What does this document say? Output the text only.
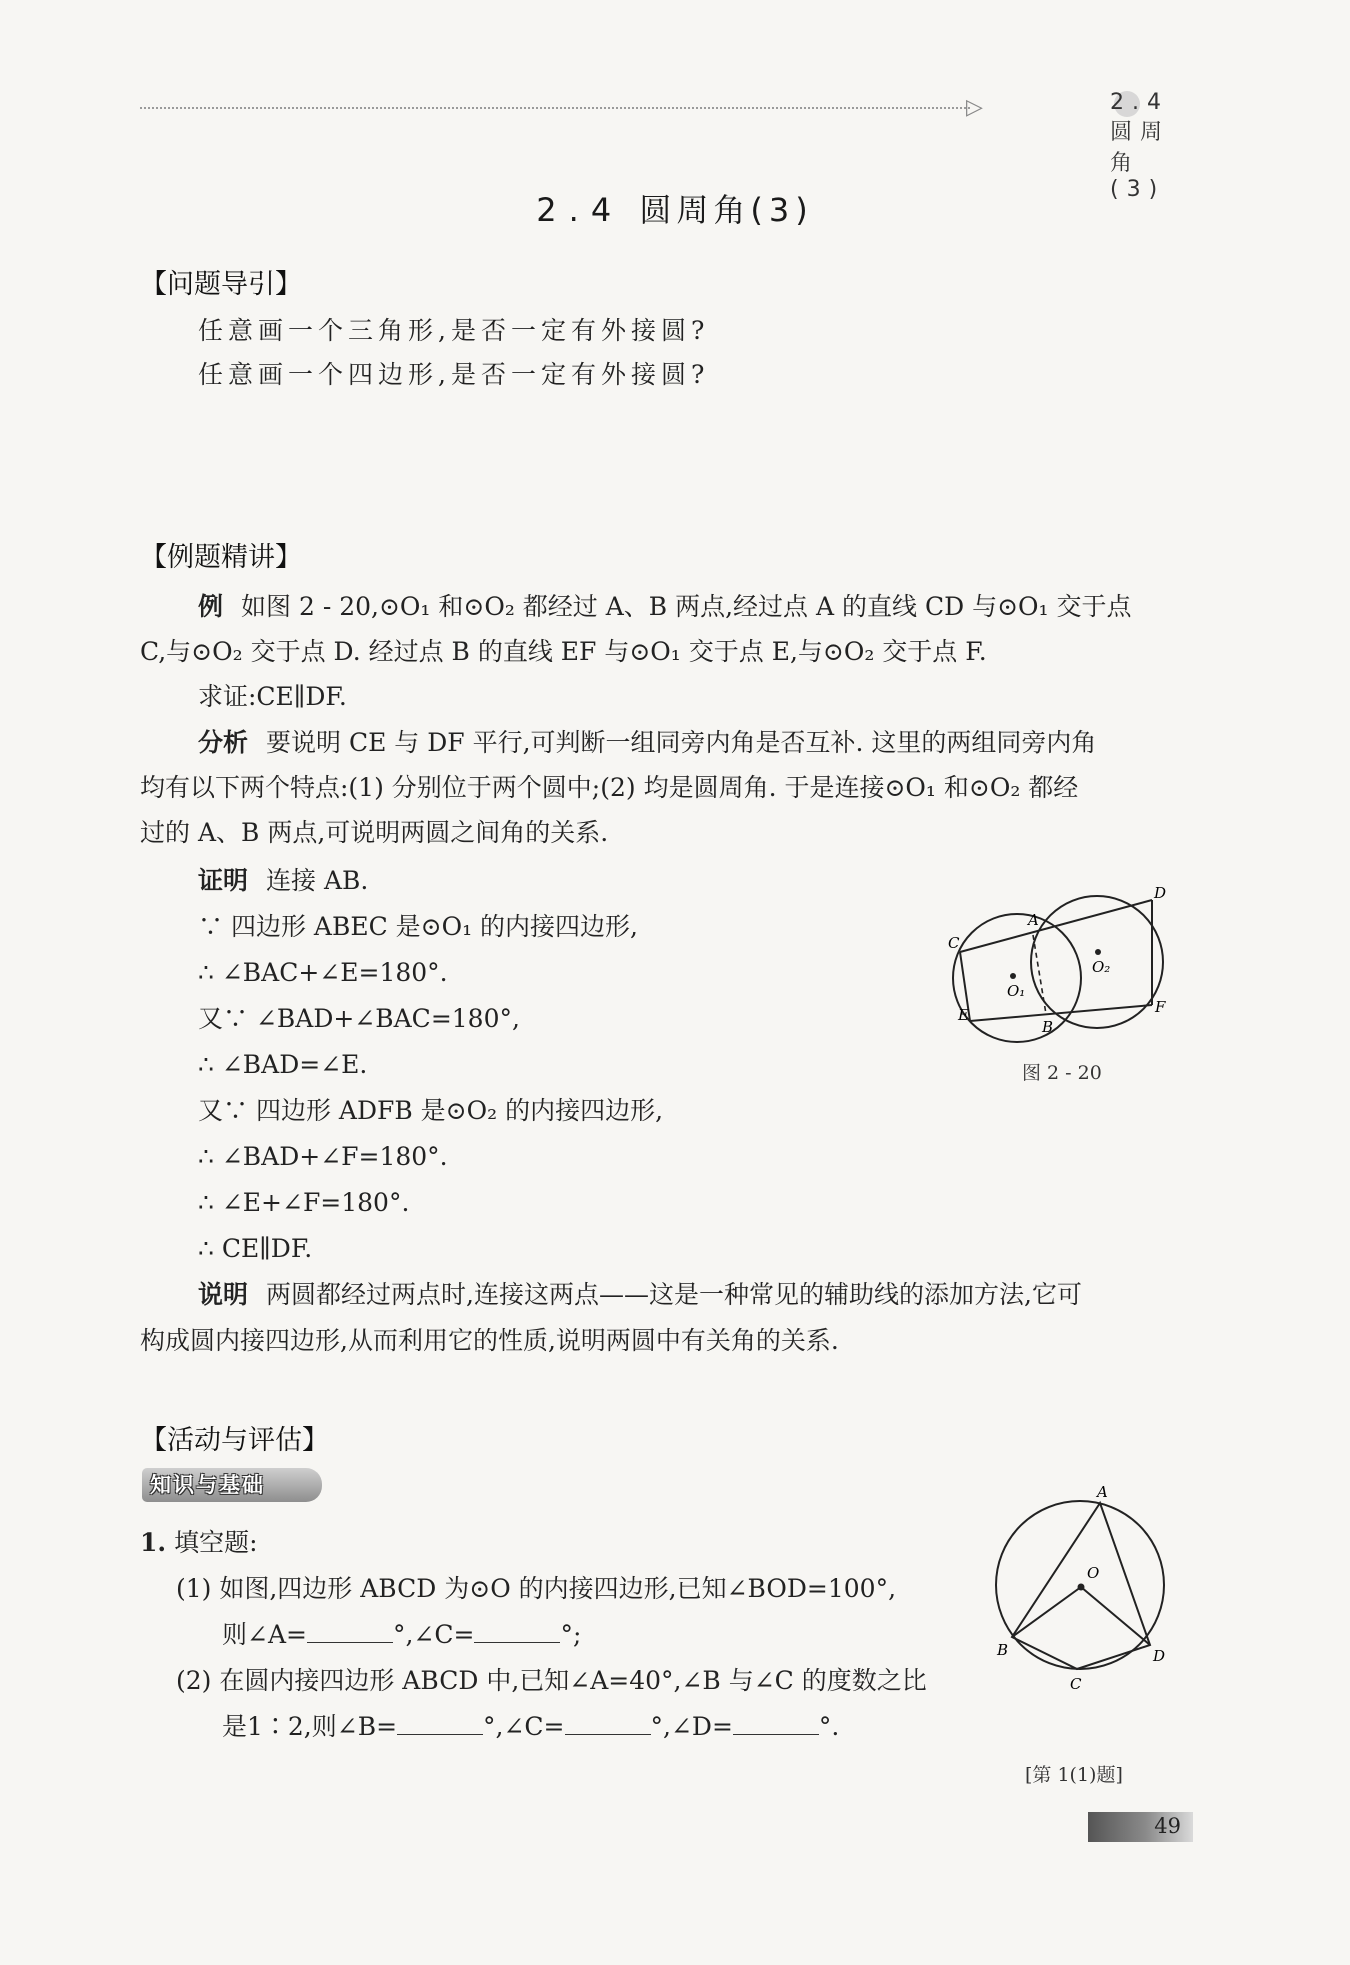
▷	2.4 圆周角(3)
2.4 圆周角(3)
【问题导引】
任意画一个三角形,是否一定有外接圆?
任意画一个四边形,是否一定有外接圆?
【例题精讲】
例 如图 2 - 20,⊙O₁ 和⊙O₂ 都经过 A、B 两点,经过点 A 的直线 CD 与⊙O₁ 交于点
C,与⊙O₂ 交于点 D. 经过点 B 的直线 EF 与⊙O₁ 交于点 E,与⊙O₂ 交于点 F.
求证:CE∥DF.
分析 要说明 CE 与 DF 平行,可判断一组同旁内角是否互补. 这里的两组同旁内角
均有以下两个特点:(1) 分别位于两个圆中;(2) 均是圆周角. 于是连接⊙O₁ 和⊙O₂ 都经
过的 A、B 两点,可说明两圆之间角的关系.
证明 连接 AB.
∵ 四边形 ABEC 是⊙O₁ 的内接四边形,
∴ ∠BAC+∠E=180°.
又∵ ∠BAD+∠BAC=180°,
∴ ∠BAD=∠E.
又∵ 四边形 ADFB 是⊙O₂ 的内接四边形,
∴ ∠BAD+∠F=180°.
∴ ∠E+∠F=180°.
∴ CE∥DF.
说明 两圆都经过两点时,连接这两点——这是一种常见的辅助线的添加方法,它可
构成圆内接四边形,从而利用它的性质,说明两圆中有关角的关系.
A
B
C
D
E	F
O₁
O₂
图 2 - 20
【活动与评估】
知识与基础
1. 填空题:
(1) 如图,四边形 ABCD 为⊙O 的内接四边形,已知∠BOD=100°,
则∠A=	°,∠C=	°;
(2) 在圆内接四边形 ABCD 中,已知∠A=40°,∠B 与∠C 的度数之比
是1∶2,则∠B=	°,∠C=	°,∠D=	°.
A
B
C
D
O
[第 1(1)题]
49
